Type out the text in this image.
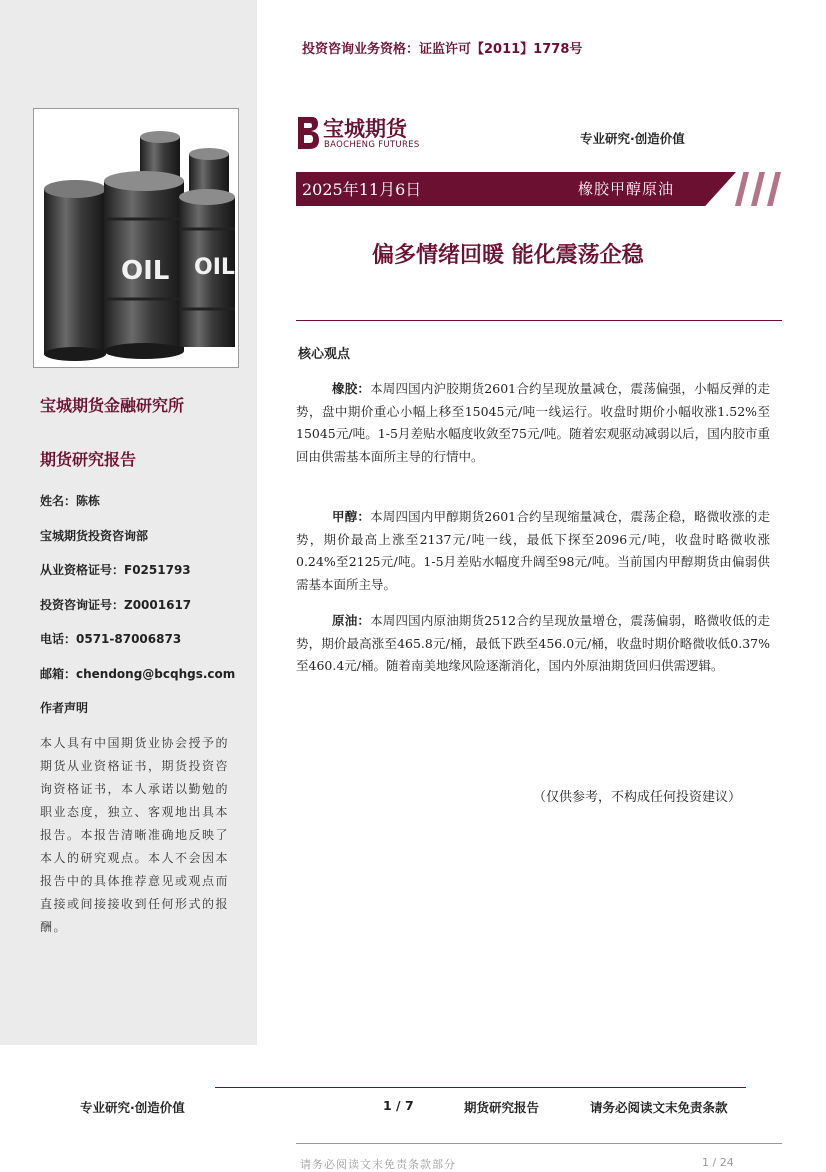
OIL OIL
宝城期货金融研究所
期货研究报告
姓名：陈栋
宝城期货投资咨询部
从业资格证号：F0251793
投资咨询证号：Z0001617
电话：0571-87006873
邮箱：chendong@bcqhgs.com
作者声明
本人具有中国期货业协会授予的期货从业资格证书，期货投资咨询资格证书，本人承诺以勤勉的职业态度，独立、客观地出具本报告。本报告清晰准确地反映了本人的研究观点。本人不会因本报告中的具体推荐意见或观点而直接或间接接收到任何形式的报酬。
投资咨询业务资格：证监许可【2011】1778号
宝城期货
BAOCHENG FUTURES	专业研究·创造价值
2025年11月6日	橡胶甲醇原油
偏多情绪回暖 能化震荡企稳
核心观点
橡胶：本周四国内沪胶期货2601合约呈现放量减仓，震荡偏强，小幅反弹的走势，盘中期价重心小幅上移至15045元/吨一线运行。收盘时期价小幅收涨1.52%至15045元/吨。1-5月差贴水幅度收敛至75元/吨。随着宏观驱动减弱以后，国内胶市重回由供需基本面所主导的行情中。
甲醇：本周四国内甲醇期货2601合约呈现缩量减仓，震荡企稳，略微收涨的走势，期价最高上涨至2137元/吨一线，最低下探至2096元/吨，收盘时略微收涨0.24%至2125元/吨。1-5月差贴水幅度升阔至98元/吨。当前国内甲醇期货由偏弱供需基本面所主导。
原油：本周四国内原油期货2512合约呈现放量增仓，震荡偏弱，略微收低的走势，期价最高涨至465.8元/桶，最低下跌至456.0元/桶，收盘时期价略微收低0.37%至460.4元/桶。随着南美地缘风险逐渐消化，国内外原油期货回归供需逻辑。
（仅供参考，不构成任何投资建议）
专业研究·创造价值	1 / 7	期货研究报告	请务必阅读文末免责条款
请务必阅读文末免责条款部分	1 / 24
